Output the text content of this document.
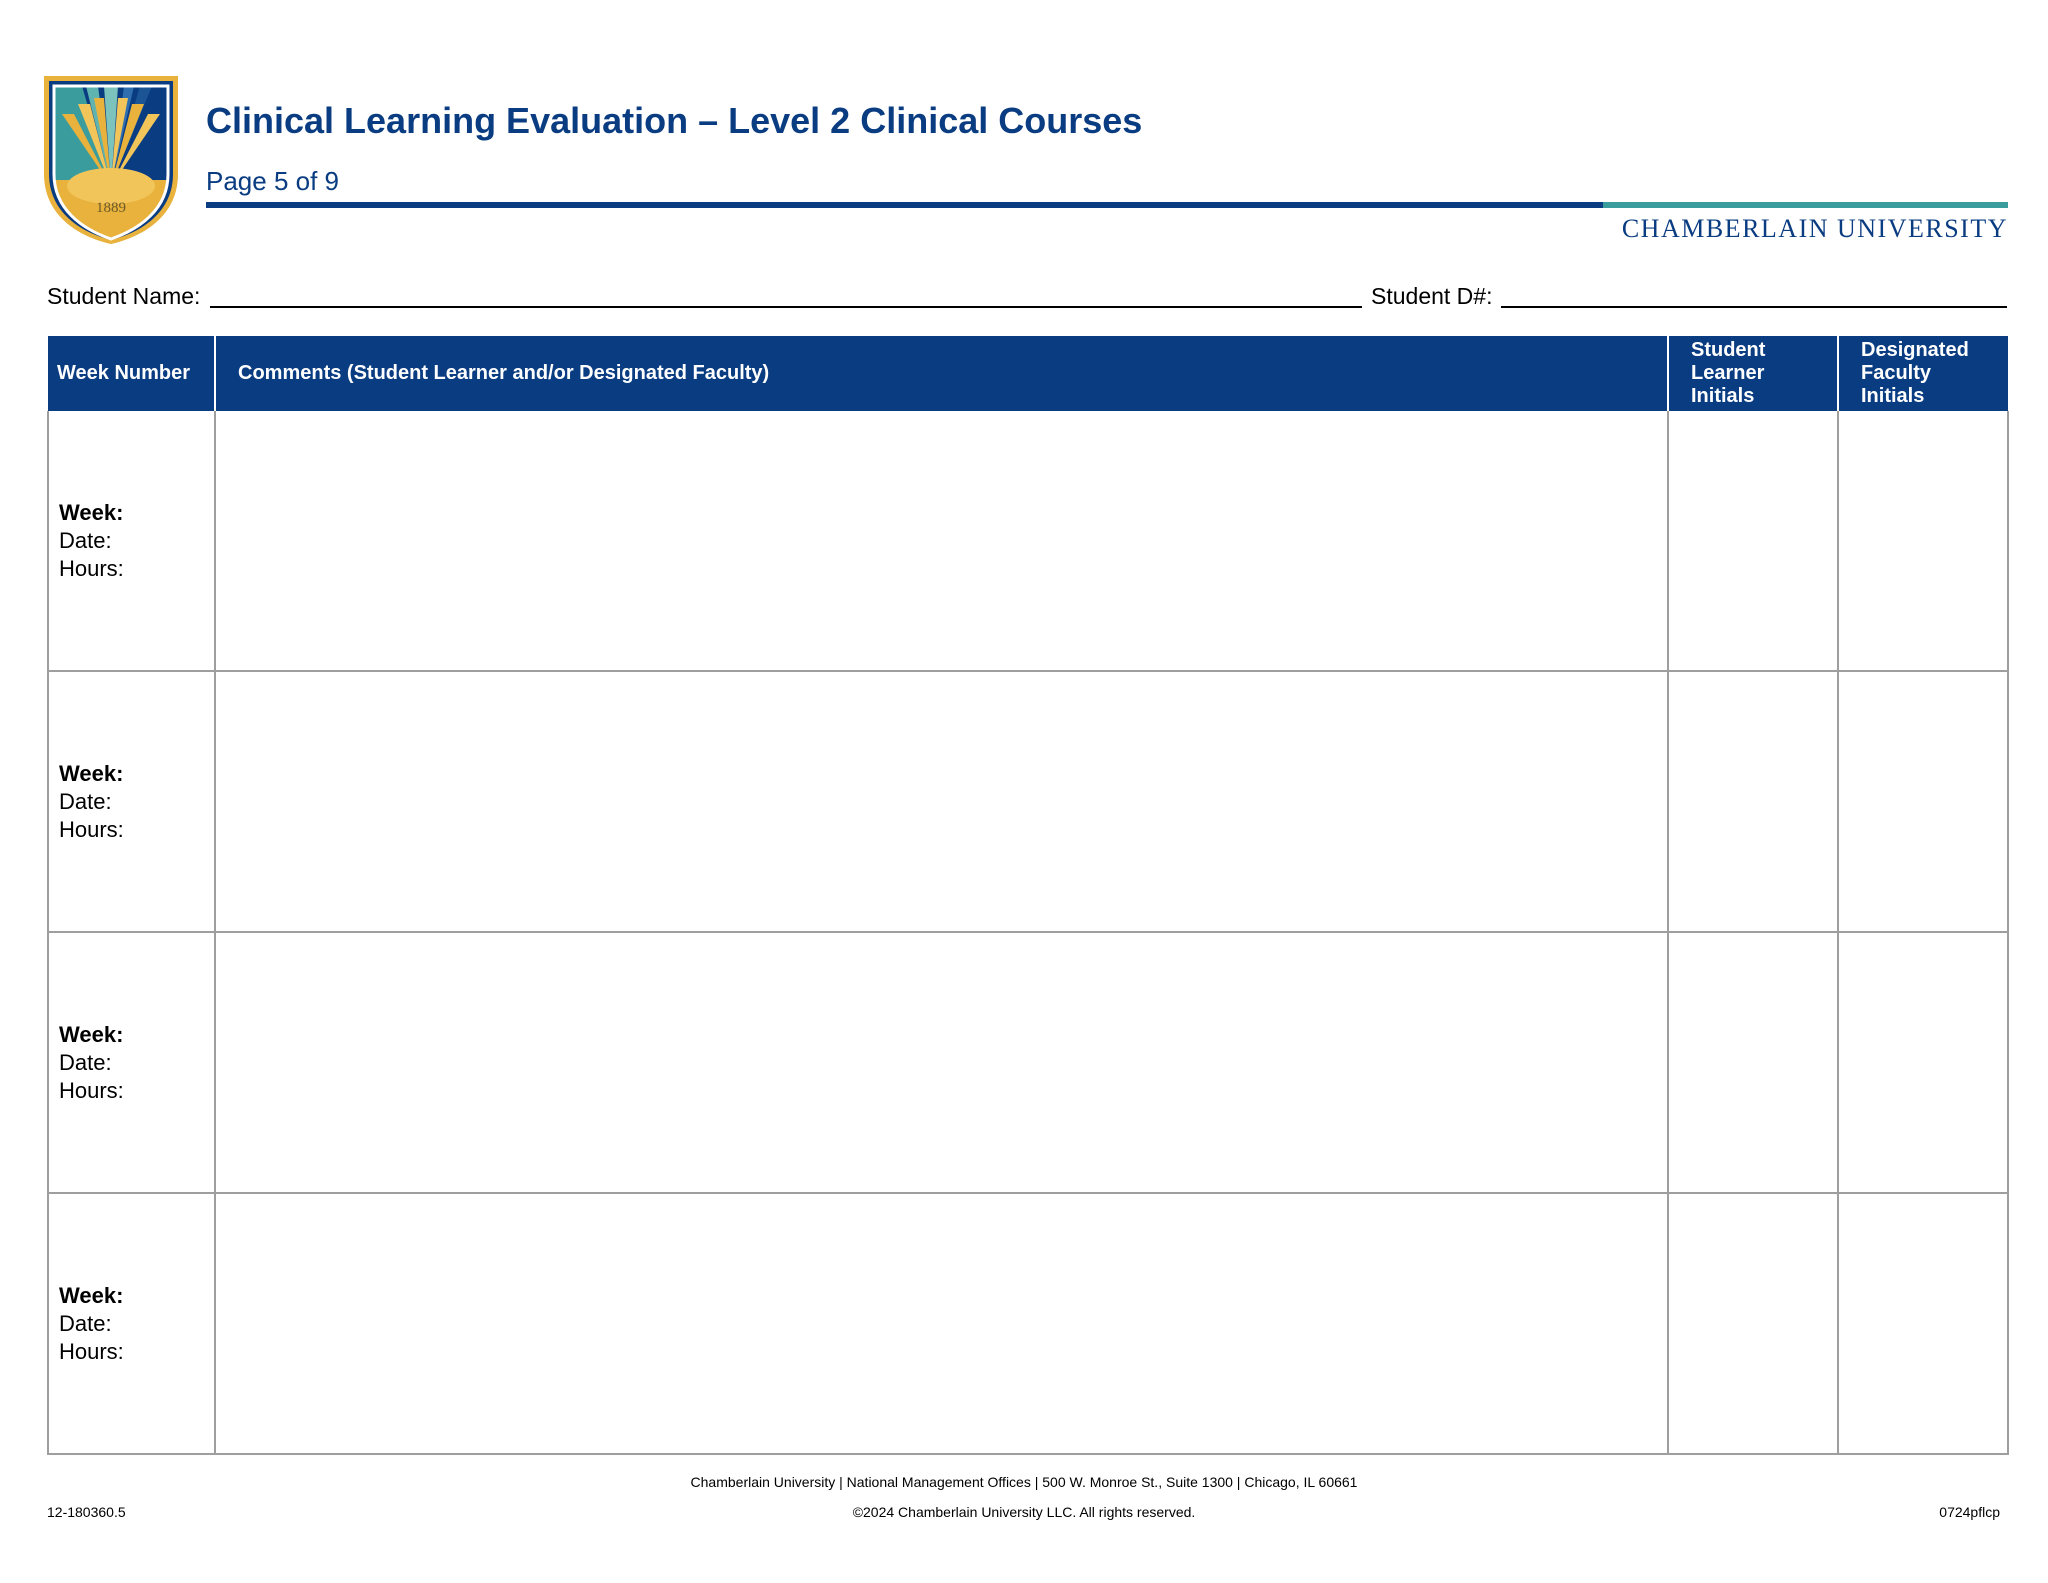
1889
Clinical Learning Evaluation – Level 2 Clinical Courses
Page 5 of 9
CHAMBERLAIN UNIVERSITY
Student Name:	Student D#:
Week Number	Comments (Student Learner and/or Designated Faculty)	Student Learner Initials	Designated Faculty Initials

Week:
Date:
Hours:			

Week:
Date:
Hours:			

Week:
Date:
Hours:			

Week:
Date:
Hours:			

Chamberlain University | National Management Offices | 500 W. Monroe St., Suite 1300 | Chicago, IL 60661
12-180360.5	©2024 Chamberlain University LLC. All rights reserved.	0724pflcp
